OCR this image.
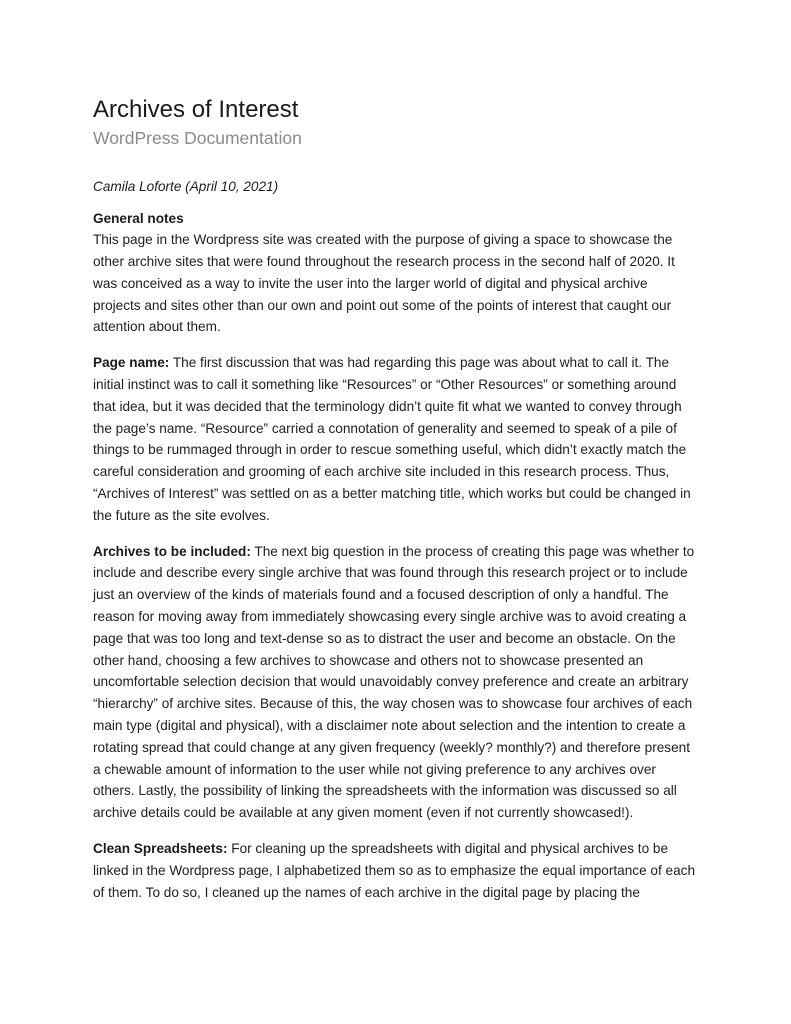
Archives of Interest
WordPress Documentation

Camila Loforte (April 10, 2021)

General notes

This page in the Wordpress site was created with the purpose of giving a space to showcase the other archive sites that were found throughout the research process in the second half of 2020. It was conceived as a way to invite the user into the larger world of digital and physical archive projects and sites other than our own and point out some of the points of interest that caught our attention about them.

Page name: The first discussion that was had regarding this page was about what to call it. The initial instinct was to call it something like “Resources” or “Other Resources” or something around that idea, but it was decided that the terminology didn’t quite fit what we wanted to convey through the page’s name. “Resource” carried a connotation of generality and seemed to speak of a pile of things to be rummaged through in order to rescue something useful, which didn’t exactly match the careful consideration and grooming of each archive site included in this research process. Thus, “Archives of Interest” was settled on as a better matching title, which works but could be changed in the future as the site evolves.

Archives to be included: The next big question in the process of creating this page was whether to include and describe every single archive that was found through this research project or to include just an overview of the kinds of materials found and a focused description of only a handful. The reason for moving away from immediately showcasing every single archive was to avoid creating a page that was too long and text-dense so as to distract the user and become an obstacle. On the other hand, choosing a few archives to showcase and others not to showcase presented an uncomfortable selection decision that would unavoidably convey preference and create an arbitrary “hierarchy” of archive sites. Because of this, the way chosen was to showcase four archives of each main type (digital and physical), with a disclaimer note about selection and the intention to create a rotating spread that could change at any given frequency (weekly? monthly?) and therefore present a chewable amount of information to the user while not giving preference to any archives over others. Lastly, the possibility of linking the spreadsheets with the information was discussed so all archive details could be available at any given moment (even if not currently showcased!).

Clean Spreadsheets: For cleaning up the spreadsheets with digital and physical archives to be linked in the Wordpress page, I alphabetized them so as to emphasize the equal importance of each of them. To do so, I cleaned up the names of each archive in the digital page by placing the
